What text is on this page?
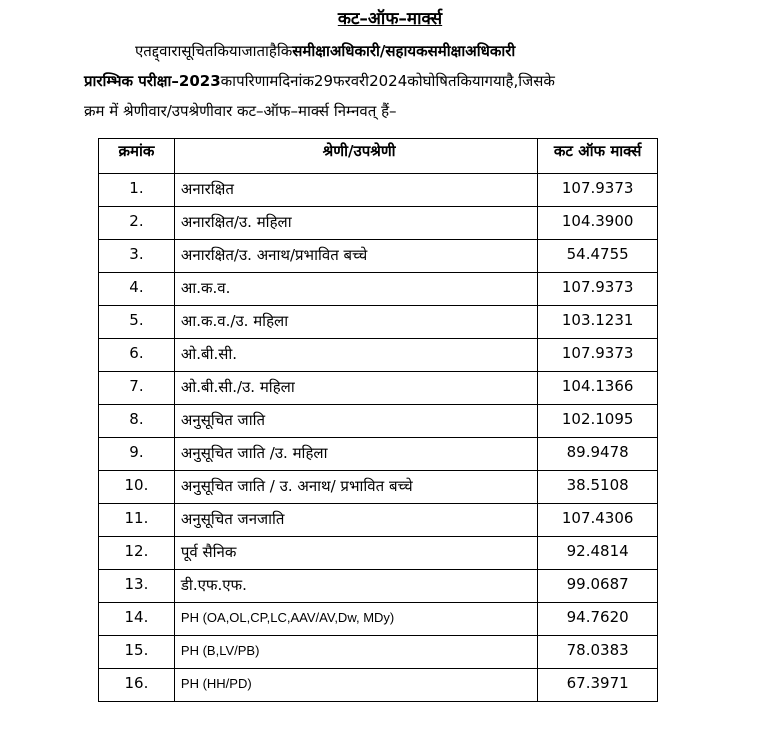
कट–ऑफ–मार्क्स
एतद्द्वारासूचितकियाजाताहैकिसमीक्षाअधिकारी/सहायकसमीक्षाअधिकारी
प्रारम्भिक परीक्षा–2023कापरिणामदिनांक29फरवरी2024कोघोषितकियागयाहै,जिसके
क्रम में श्रेणीवार/उपश्रेणीवार कट–ऑफ–मार्क्स निम्नवत् हैं–
क्रमांक	श्रेणी/उपश्रेणी	कट ऑफ मार्क्स
1.	अनारक्षित	107.9373
2.	अनारक्षित/उ. महिला	104.3900
3.	अनारक्षित/उ. अनाथ/प्रभावित बच्चे	54.4755
4.	आ.क.व.	107.9373
5.	आ.क.व./उ. महिला	103.1231
6.	ओ.बी.सी.	107.9373
7.	ओ.बी.सी./उ. महिला	104.1366
8.	अनुसूचित जाति	102.1095
9.	अनुसूचित जाति /उ. महिला	89.9478
10.	अनुसूचित जाति / उ. अनाथ/ प्रभावित बच्चे	38.5108
11.	अनुसूचित जनजाति	107.4306
12.	पूर्व सैनिक	92.4814
13.	डी.एफ.एफ.	99.0687
14.	PH (OA,OL,CP,LC,AAV/AV,Dw, MDy)	94.7620
15.	PH (B,LV/PB)	78.0383
16.	PH (HH/PD)	67.3971
